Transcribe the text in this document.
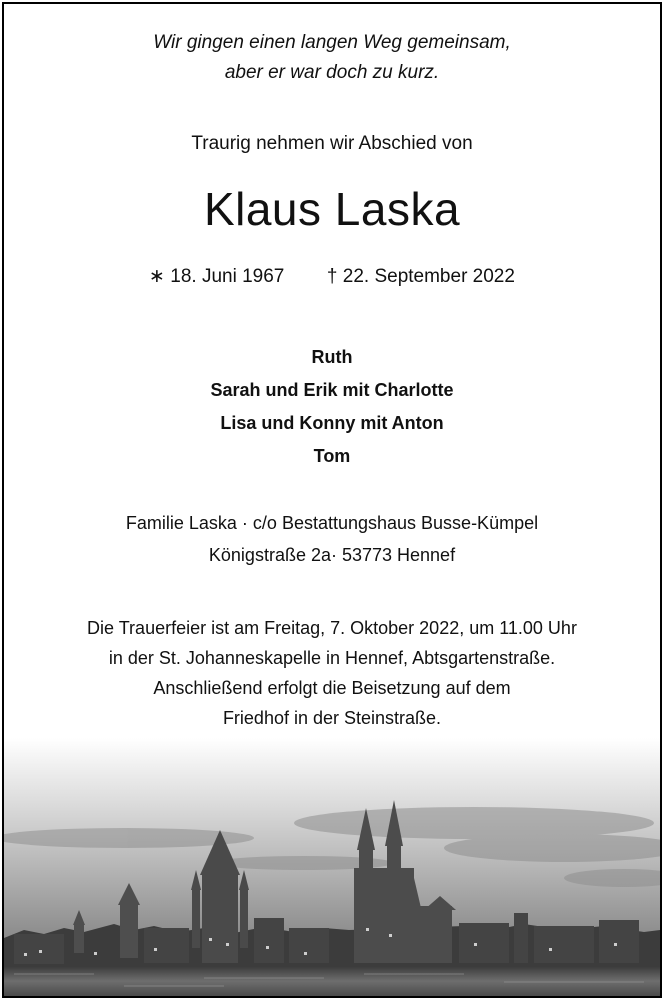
Wir gingen einen langen Weg gemeinsam,
aber er war doch zu kurz.
Traurig nehmen wir Abschied von
Klaus Laska
∗ 18. Juni 1967 † 22. September 2022
Ruth
Sarah und Erik mit Charlotte
Lisa und Konny mit Anton
Tom
Familie Laska · c/o Bestattungshaus Busse-Kümpel
Königstraße 2a· 53773 Hennef
Die Trauerfeier ist am Freitag, 7. Oktober 2022, um 11.00 Uhr
in der St. Johanneskapelle in Hennef, Abtsgartenstraße.
Anschließend erfolgt die Beisetzung auf dem
Friedhof in der Steinstraße.
